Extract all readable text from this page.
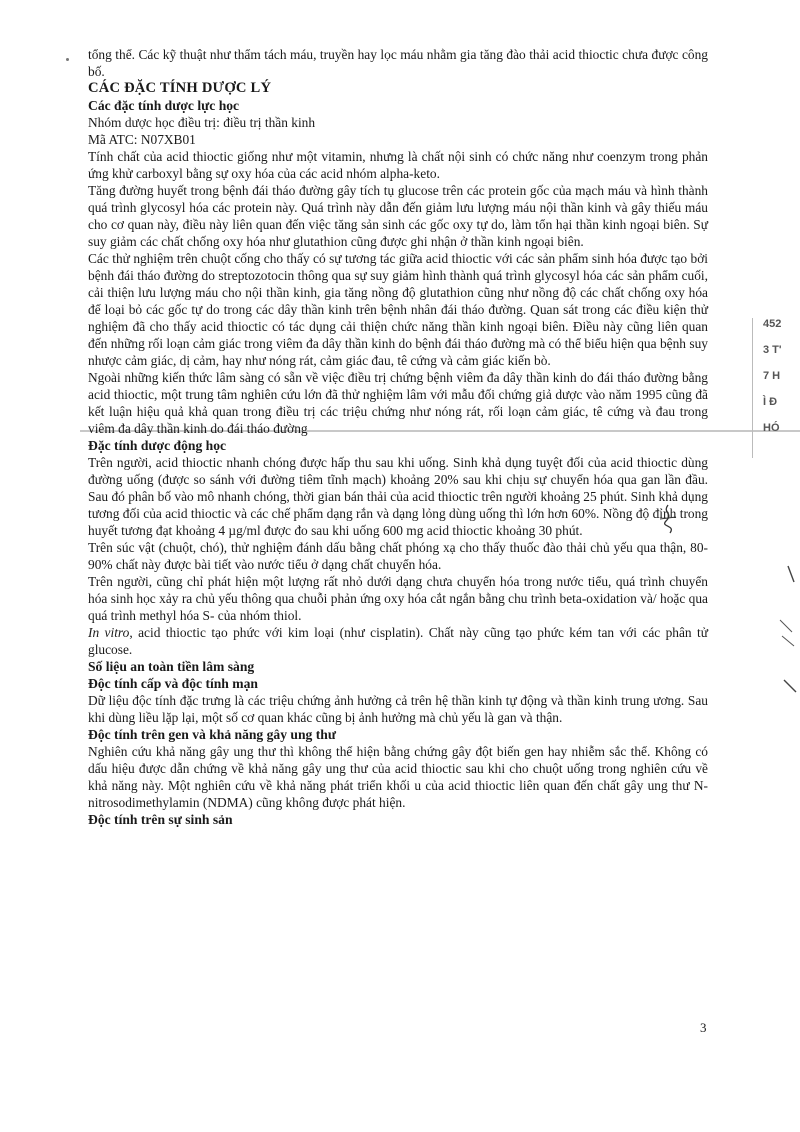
tổng thể. Các kỹ thuật như thẩm tách máu, truyền hay lọc máu nhằm gia tăng đào thải acid thioctic chưa được công bố.

CÁC ĐẶC TÍNH DƯỢC LÝ

Các đặc tính dược lực học

Nhóm dược học điều trị: điều trị thần kinh

Mã ATC: N07XB01

Tính chất của acid thioctic giống như một vitamin, nhưng là chất nội sinh có chức năng như coenzym trong phản ứng khử carboxyl bằng sự oxy hóa của các acid nhóm alpha-keto.

Tăng đường huyết trong bệnh đái tháo đường gây tích tụ glucose trên các protein gốc của mạch máu và hình thành quá trình glycosyl hóa các protein này. Quá trình này dẫn đến giảm lưu lượng máu nội thần kinh và gây thiếu máu cho cơ quan này, điều này liên quan đến việc tăng sản sinh các gốc oxy tự do, làm tổn hại thần kinh ngoại biên. Sự suy giảm các chất chống oxy hóa như glutathion cũng được ghi nhận ở thần kinh ngoại biên.

Các thử nghiệm trên chuột cống cho thấy có sự tương tác giữa acid thioctic với các sản phẩm sinh hóa được tạo bởi bệnh đái tháo đường do streptozotocin thông qua sự suy giảm hình thành quá trình glycosyl hóa các sản phẩm cuối, cải thiện lưu lượng máu cho nội thần kinh, gia tăng nồng độ glutathion cũng như nồng độ các chất chống oxy hóa để loại bỏ các gốc tự do trong các dây thần kinh trên bệnh nhân đái tháo đường. Quan sát trong các điều kiện thử nghiệm đã cho thấy acid thioctic có tác dụng cải thiện chức năng thần kinh ngoại biên. Điều này cũng liên quan đến những rối loạn cảm giác trong viêm đa dây thần kinh do bệnh đái tháo đường mà có thể biểu hiện qua bệnh suy nhược cảm giác, dị cảm, hay như nóng rát, cảm giác đau, tê cứng và cảm giác kiến bò.

Ngoài những kiến thức lâm sàng có sẵn về việc điều trị chứng bệnh viêm đa dây thần kinh do đái tháo đường bằng acid thioctic, một trung tâm nghiên cứu lớn đã thử nghiệm lâm với mẫu đối chứng giả dược vào năm 1995 cũng đã kết luận hiệu quả khả quan trong điều trị các triệu chứng như nóng rát, rối loạn cảm giác, tê cứng và đau trong viêm đa dây thần kinh do đái tháo đường

Đặc tính dược động học

Trên người, acid thioctic nhanh chóng được hấp thu sau khi uống. Sinh khả dụng tuyệt đối của acid thioctic dùng đường uống (được so sánh với đường tiêm tĩnh mạch) khoảng 20% sau khi chịu sự chuyển hóa qua gan lần đầu. Sau đó phân bố vào mô nhanh chóng, thời gian bán thải của acid thioctic trên người khoảng 25 phút. Sinh khả dụng tương đối của acid thioctic và các chế phẩm dạng rắn và dạng lỏng dùng uống thì lớn hơn 60%. Nồng độ đỉnh trong huyết tương đạt khoảng 4 µg/ml được đo sau khi uống 600 mg acid thioctic khoảng 30 phút.

Trên súc vật (chuột, chó), thử nghiệm đánh dấu bằng chất phóng xạ cho thấy thuốc đào thải chủ yếu qua thận, 80-90% chất này được bài tiết vào nước tiểu ở dạng chất chuyển hóa.

Trên người, cũng chỉ phát hiện một lượng rất nhỏ dưới dạng chưa chuyển hóa trong nước tiểu, quá trình chuyển hóa sinh học xảy ra chủ yếu thông qua chuỗi phản ứng oxy hóa cắt ngắn bằng chu trình beta-oxidation và/ hoặc qua quá trình methyl hóa S- của nhóm thiol.

In vitro, acid thioctic tạo phức với kim loại (như cisplatin). Chất này cũng tạo phức kém tan với các phân tử glucose.

Số liệu an toàn tiền lâm sàng

Độc tính cấp và độc tính mạn

Dữ liệu độc tính đặc trưng là các triệu chứng ảnh hưởng cả trên hệ thần kinh tự động và thần kinh trung ương. Sau khi dùng liều lặp lại, một số cơ quan khác cũng bị ảnh hưởng mà chủ yếu là gan và thận.

Độc tính trên gen và khả năng gây ung thư

Nghiên cứu khả năng gây ung thư thì không thể hiện bằng chứng gây đột biến gen hay nhiễm sắc thể. Không có dấu hiệu được dẫn chứng về khả năng gây ung thư của acid thioctic sau khi cho chuột uống trong nghiên cứu về khả năng này. Một nghiên cứu về khả năng phát triển khối u của acid thioctic liên quan đến chất gây ung thư N-nitrosodimethylamin (NDMA) cũng không được phát hiện.

Độc tính trên sự sinh sản

452
3 T'
7 H
Ì Đ
HÓ
3
